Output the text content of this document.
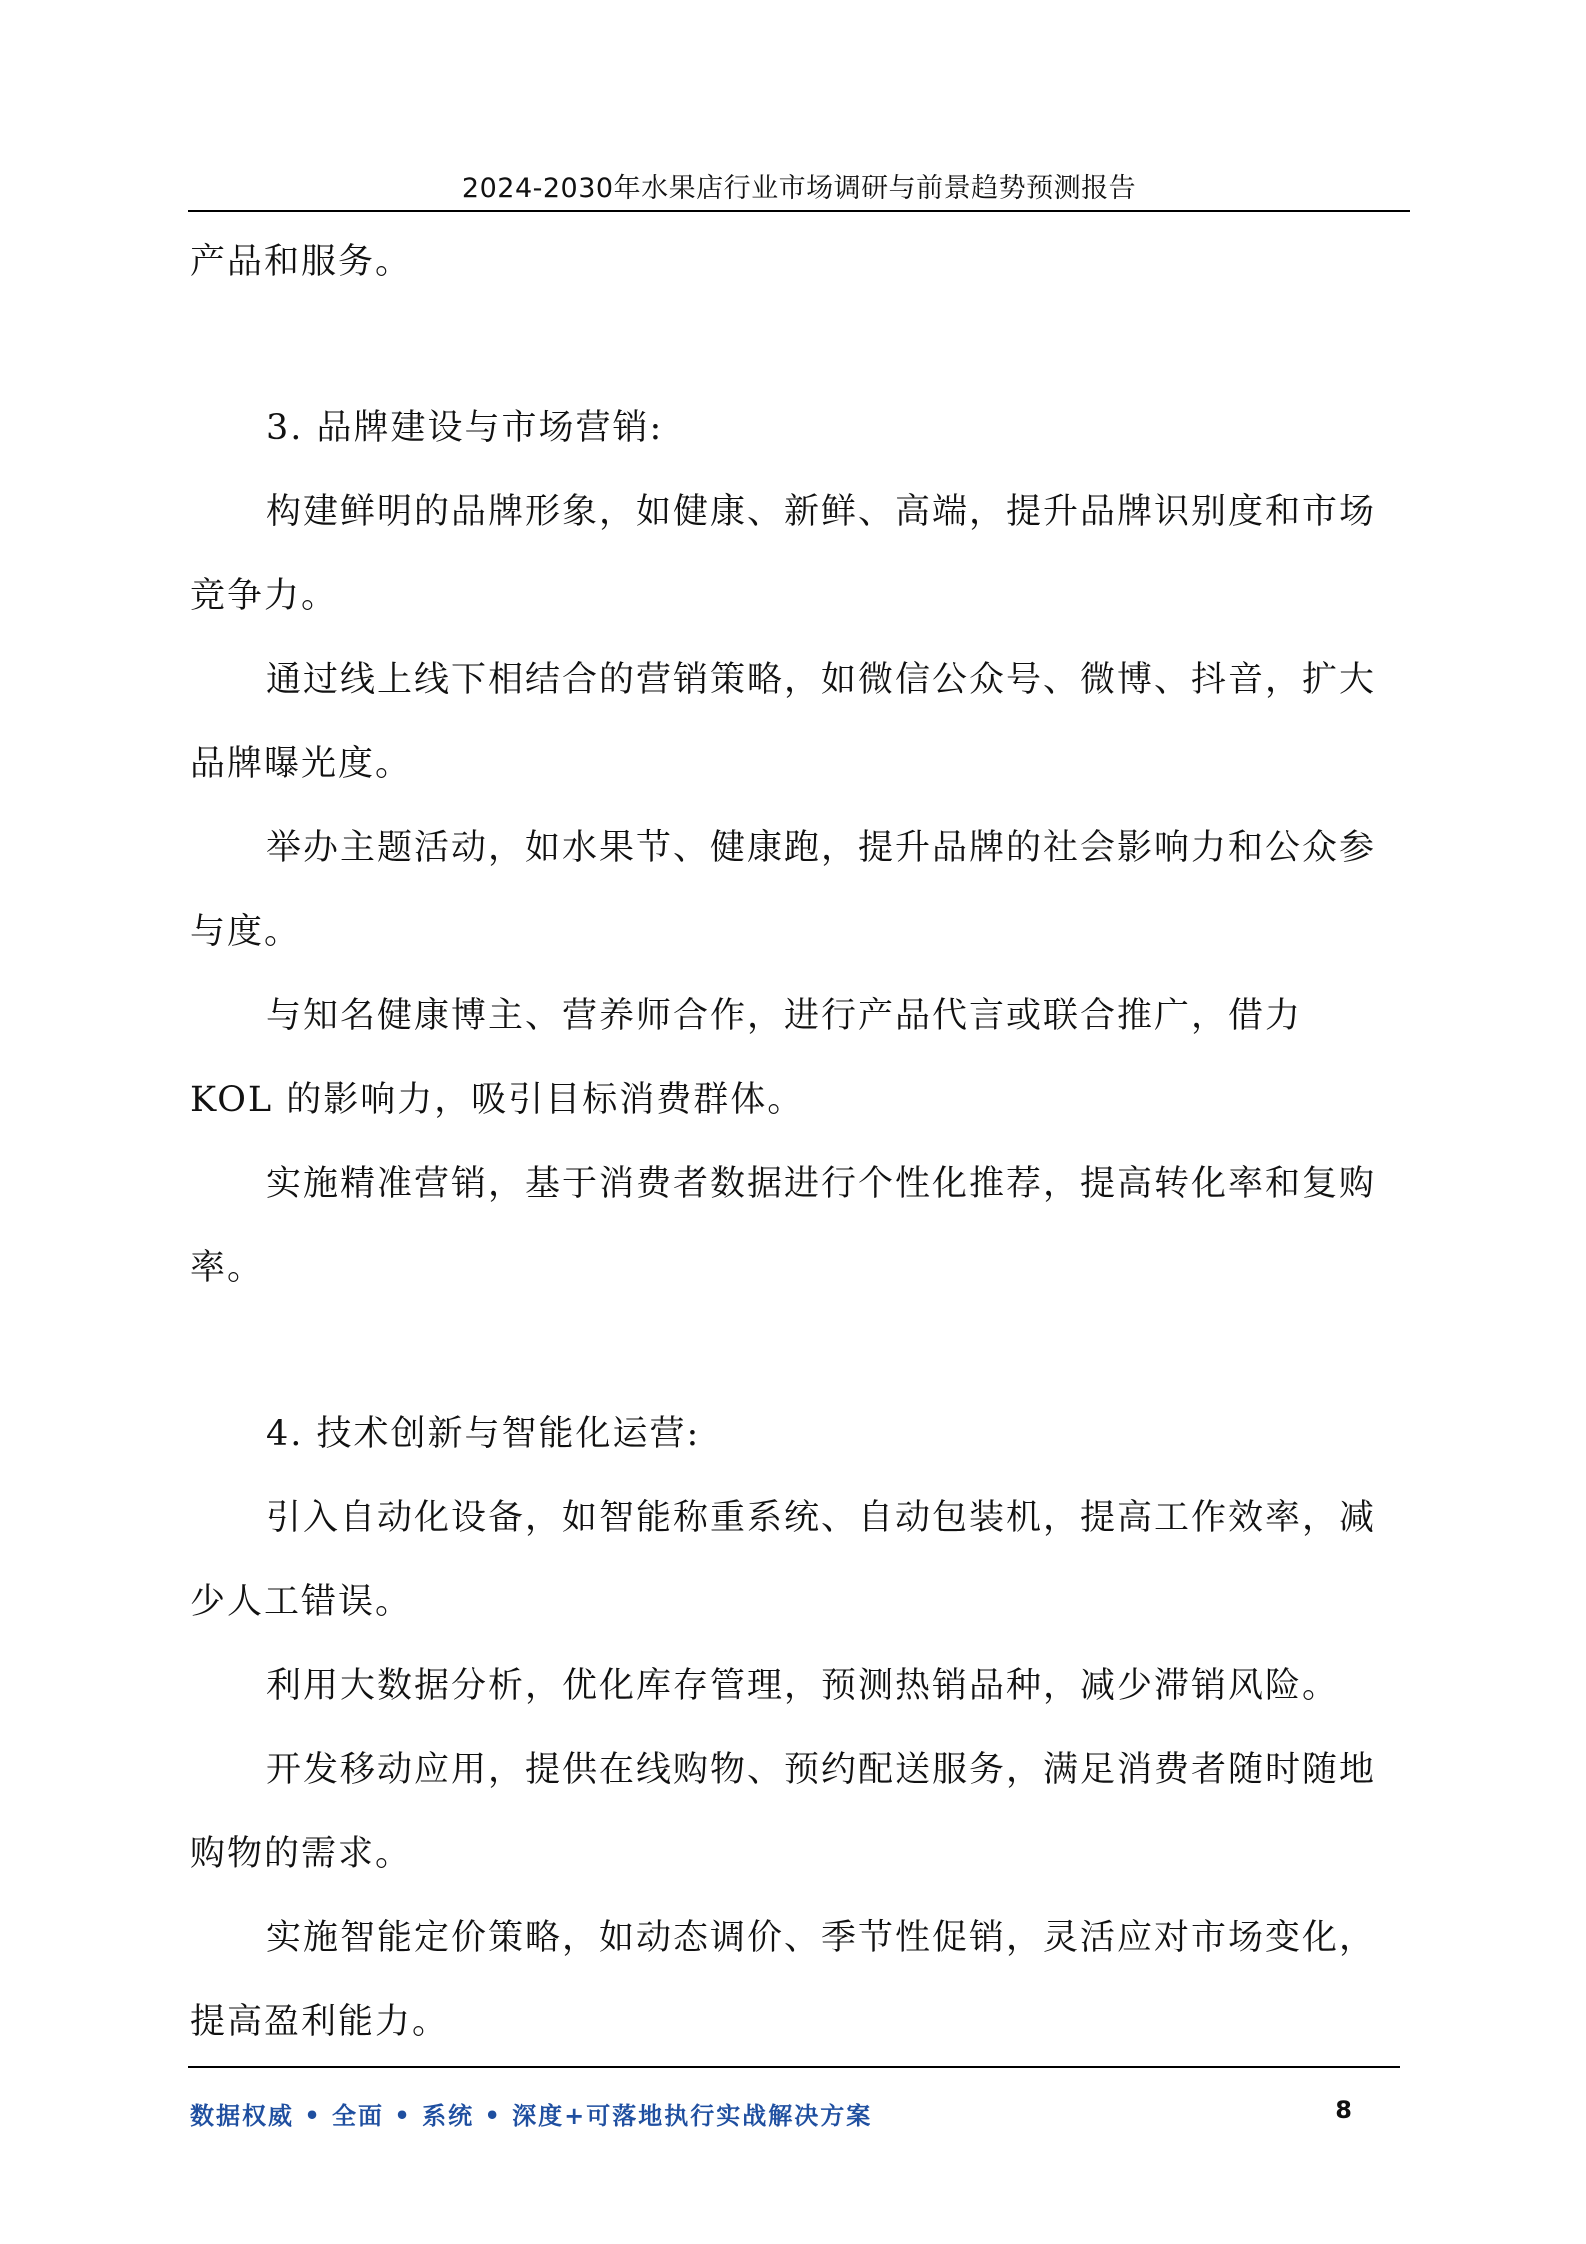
2024-2030年水果店行业市场调研与前景趋势预测报告

产品和服务。

3. 品牌建设与市场营销:

构建鲜明的品牌形象，如健康、新鲜、高端，提升品牌识别度和市场竞争力。

通过线上线下相结合的营销策略，如微信公众号、微博、抖音，扩大品牌曝光度。

举办主题活动，如水果节、健康跑，提升品牌的社会影响力和公众参与度。

与知名健康博主、营养师合作，进行产品代言或联合推广，借力 KOL 的影响力，吸引目标消费群体。

实施精准营销，基于消费者数据进行个性化推荐，提高转化率和复购率。

4. 技术创新与智能化运营:

引入自动化设备，如智能称重系统、自动包装机，提高工作效率，减少人工错误。

利用大数据分析，优化库存管理，预测热销品种，减少滞销风险。

开发移动应用，提供在线购物、预约配送服务，满足消费者随时随地购物的需求。

实施智能定价策略，如动态调价、季节性促销，灵活应对市场变化，提高盈利能力。

数据权威 • 全面 • 系统 • 深度+可落地执行实战解决方案	8
